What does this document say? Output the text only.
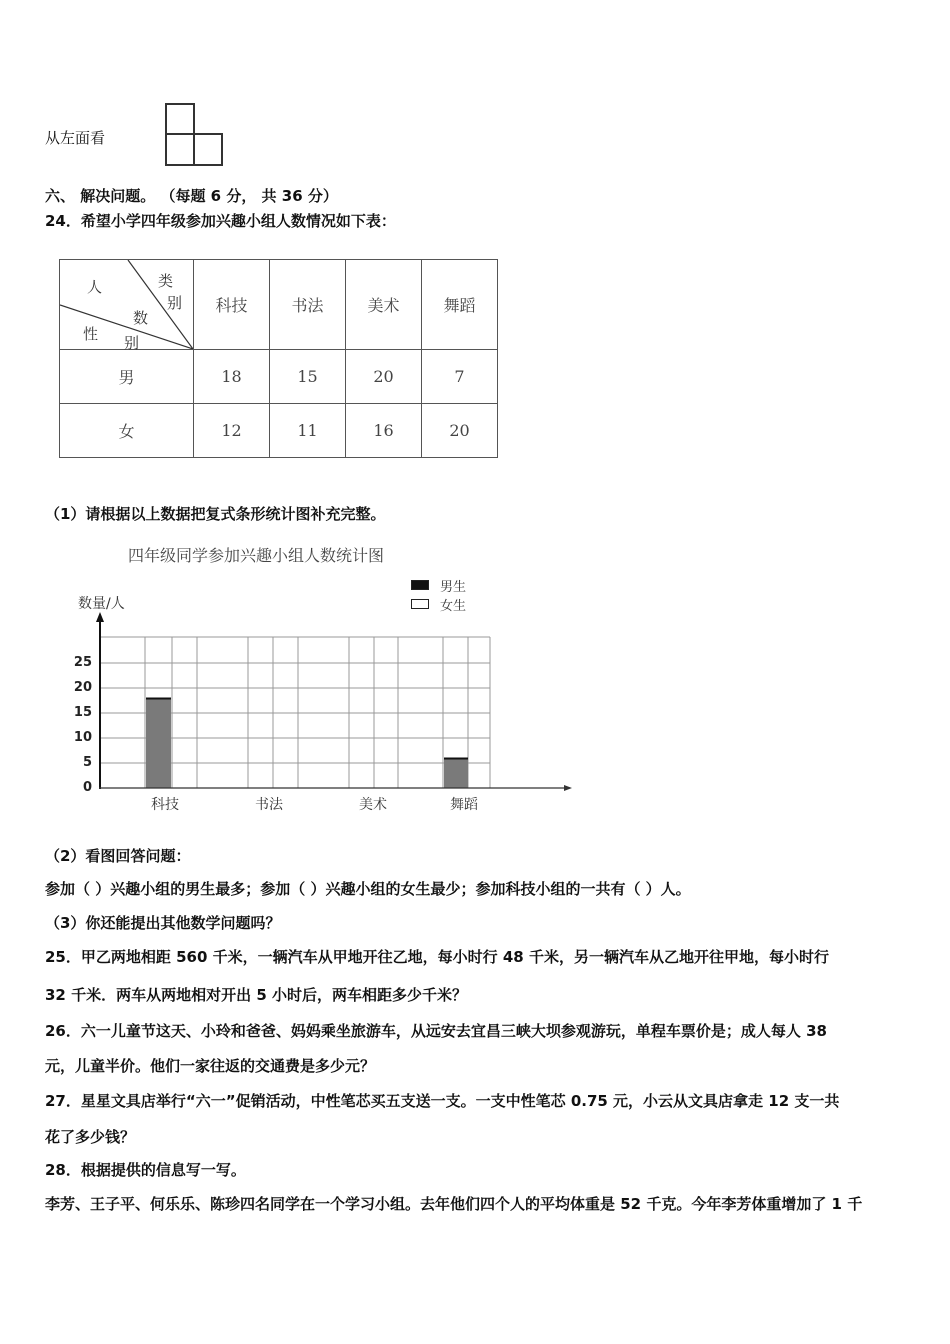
从左面看
六、 解决问题。 （每题 6 分， 共 36 分）
24．希望小学四年级参加兴趣小组人数情况如下表：
人	类
别
数
性 别
	科技	书法	美术	舞蹈
男	18	15	20	7
女	12	11	16	20
（1）请根据以上数据把复式条形统计图补充完整。
四年级同学参加兴趣小组人数统计图
男生
女生
数量/人
25
20
15
10
5
0
科技	书法	美术	舞蹈
（2）看图回答问题：
参加（ ）兴趣小组的男生最多；参加（ ）兴趣小组的女生最少；参加科技小组的一共有（ ）人。
（3）你还能提出其他数学问题吗？
25．甲乙两地相距 560 千米，一辆汽车从甲地开往乙地，每小时行 48 千米，另一辆汽车从乙地开往甲地，每小时行
32 千米．两车从两地相对开出 5 小时后，两车相距多少千米？
26．六一儿童节这天、小玲和爸爸、妈妈乘坐旅游车，从远安去宜昌三峡大坝参观游玩，单程车票价是；成人每人 38
元，儿童半价。他们一家往返的交通费是多少元？
27．星星文具店举行“六一”促销活动，中性笔芯买五支送一支。一支中性笔芯 0.75 元，小云从文具店拿走 12 支一共
花了多少钱？
28．根据提供的信息写一写。
李芳、王子平、何乐乐、陈珍四名同学在一个学习小组。去年他们四个人的平均体重是 52 千克。今年李芳体重增加了 1 千
